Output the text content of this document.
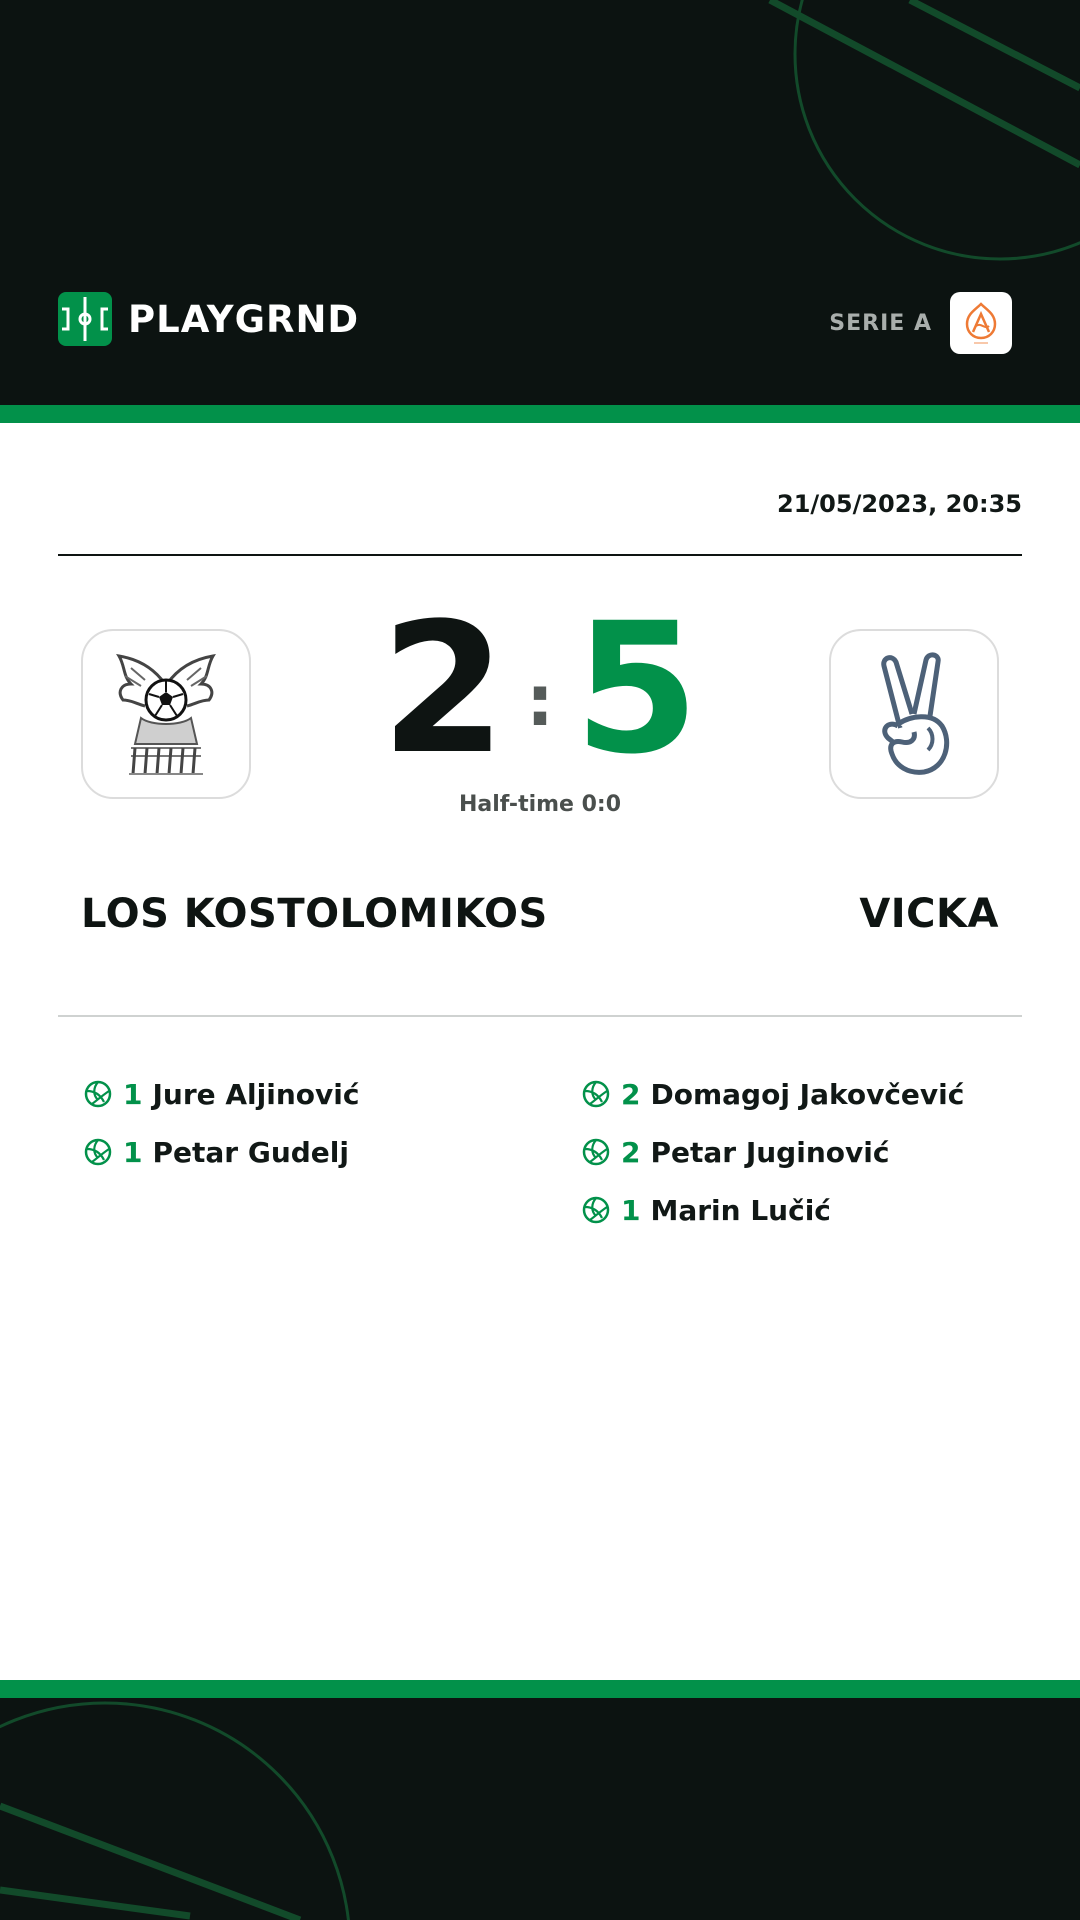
PLAYGRND	SERIE A
21/05/2023, 20:35
2 : 5
Half-time 0:0
LOS KOSTOLOMIKOS	VICKA
1 Jure Aljinović
1 Petar Gudelj
2 Domagoj Jakovčević
2 Petar Juginović
1 Marin Lučić
